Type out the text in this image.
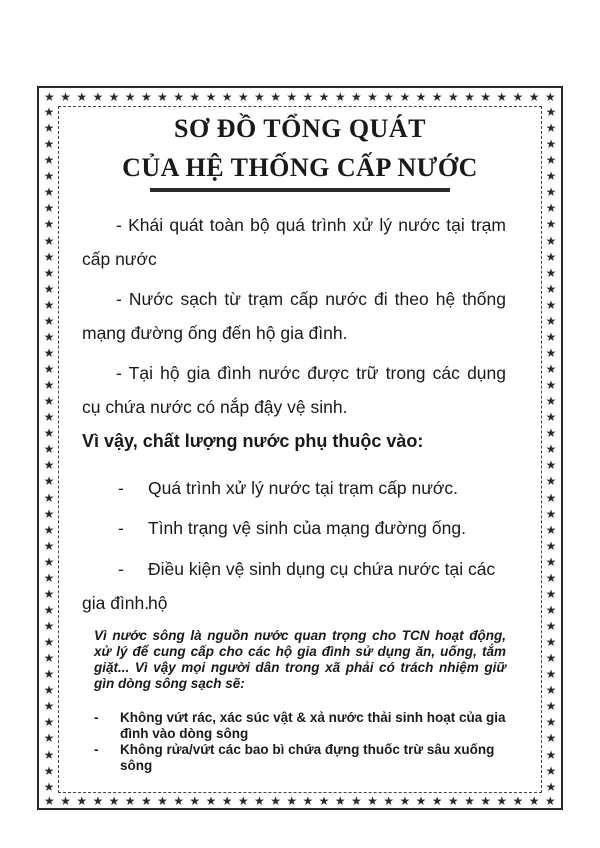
★ ★ ★ ★ ★ ★ ★ ★ ★ ★ ★ ★ ★ ★ ★ ★ ★ ★ ★ ★ ★ ★ ★ ★ ★ ★ ★ ★ ★ ★ ★ ★
★ ★ ★ ★ ★ ★ ★ ★ ★ ★ ★ ★ ★ ★ ★ ★ ★ ★ ★ ★ ★ ★ ★ ★ ★ ★ ★ ★ ★ ★ ★ ★
★
★
★
★
★
★
★
★
★
★
★
★
★
★
★
★
★
★
★
★
★
★
★
★
★
★
★
★
★
★
★
★
★
★
★
★
★
★
★
★
★
★
★
★
★
★
★
★
★
★
★
★
★
★
★
★
★
★
★
★
★
★
★
★
★
★
★
★
★
★
★
★
★
★
★
★
★
★
★
★
★
★
★
★
★
★
SƠ ĐỒ TỔNG QUÁT
CỦA HỆ THỐNG CẤP NƯỚC
- Khái quát toàn bộ quá trình xử lý nước tại trạm cấp nước
- Nước sạch từ trạm cấp nước đi theo hệ thống mạng đường ống đến hộ gia đình.
- Tại hộ gia đình nước được trữ trong các dụng cụ chứa nước có nắp đậy vệ sinh.
Vì vậy, chất lượng nước phụ thuộc vào:
-	Quá trình xử lý nước tại trạm cấp nước.
-	Tình trạng vệ sinh của mạng đường ống.
-	Điều kiện vệ sinh dụng cụ chứa nước tại các hộ
gia đình.
Vì nước sông là nguồn nước quan trọng cho TCN hoạt động, xử lý để cung cấp cho các hộ gia đình sử dụng ăn, uống, tắm giặt... Vì vậy mọi người dân trong xã phải có trách nhiệm giữ gìn dòng sông sạch sẽ:
-	Không vứt rác, xác súc vật & xả nước thải sinh hoạt của gia đình vào dòng sông
-	Không rửa/vứt các bao bì chứa đựng thuốc trừ sâu xuống sông
